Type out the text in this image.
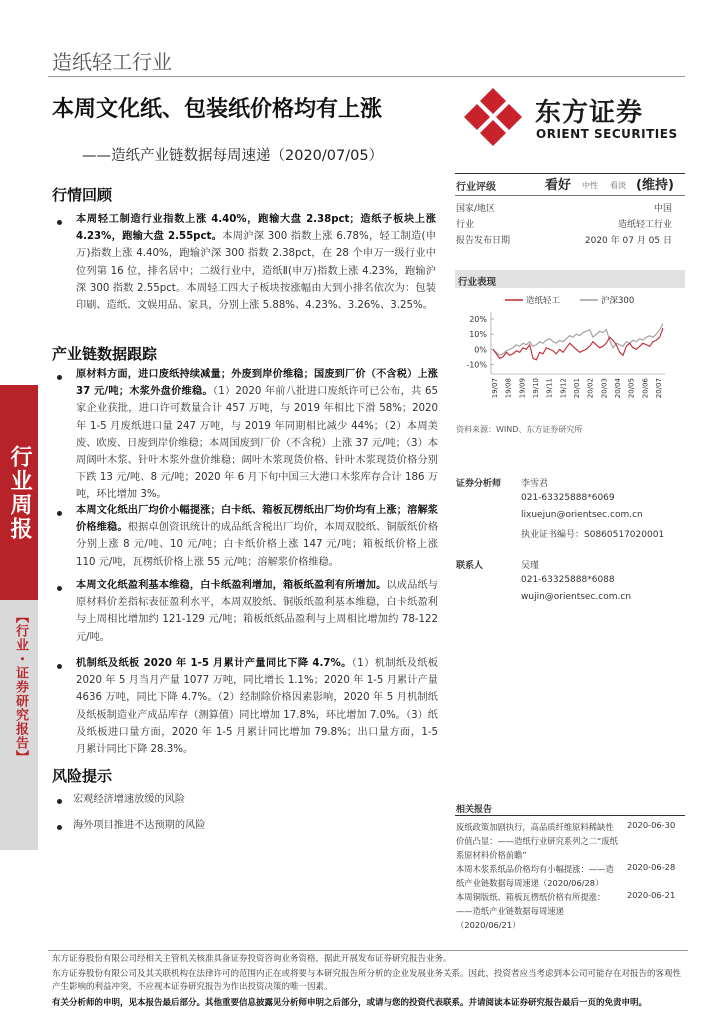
行业周报
【行业・证券研究报告】
造纸轻工行业
本周文化纸、包装纸价格均有上涨
——造纸产业链数据每周速递（2020/07/05）
东方证券
ORIENT SECURITIES
行情回顾
本周轻工制造行业指数上涨 4.40%，跑输大盘 2.38pct；造纸子板块上涨 4.23%，跑输大盘 2.55pct。本周沪深 300 指数上涨 6.78%，轻工制造(申万)指数上涨 4.40%，跑输沪深 300 指数 2.38pct，在 28 个申万一级行业中位列第 16 位，排名居中；二级行业中，造纸Ⅱ(申万)指数上涨 4.23%，跑输沪深 300 指数 2.55pct。本周轻工四大子板块按涨幅由大到小排名依次为：包装印刷、造纸、文娱用品、家具，分别上涨 5.88%、4.23%、3.26%、3.25%。
产业链数据跟踪
原材料方面，进口废纸持续减量；外废到岸价维稳；国废到厂价（不含税）上涨 37 元/吨；木浆外盘价维稳。（1）2020 年前八批进口废纸许可已公布，共 65 家企业获批，进口许可数量合计 457 万吨，与 2019 年相比下滑 58%；2020 年 1-5 月废纸进口量 247 万吨，与 2019 年同期相比减少 44%；（2）本周美废、欧废、日废到岸价维稳；本周国废到厂价（不含税）上涨 37 元/吨；（3）本周阔叶木浆、针叶木浆外盘价维稳；阔叶木浆现货价格、针叶木浆现货价格分别下跌 13 元/吨、8 元/吨；2020 年 6 月下旬中国三大港口木浆库存合计 186 万吨，环比增加 3%。
本周文化纸出厂均价小幅提涨；白卡纸、箱板瓦楞纸出厂均价均有上涨；溶解浆价格维稳。根据卓创资讯统计的成品纸含税出厂均价，本周双胶纸、铜版纸价格分别上涨 8 元/吨、10 元/吨；白卡纸价格上涨 147 元/吨；箱板纸价格上涨 110 元/吨，瓦楞纸价格上涨 55 元/吨；溶解浆价格维稳。
本周文化纸盈利基本维稳，白卡纸盈利增加，箱板纸盈利有所增加。以成品纸与原材料价差指标表征盈利水平，本周双胶纸、铜版纸盈利基本维稳，白卡纸盈利与上周相比增加约 121-129 元/吨；箱板纸纸品盈利与上周相比增加约 78-122 元/吨。
机制纸及纸板 2020 年 1-5 月累计产量同比下降 4.7%。（1）机制纸及纸板 2020 年 5 月当月产量 1077 万吨，同比增长 1.1%；2020 年 1-5 月累计产量 4636 万吨，同比下降 4.7%。（2）经制除价格因素影响，2020 年 5 月机制纸及纸板制造业产成品库存（测算值）同比增加 17.8%，环比增加 7.0%。（3）纸及纸板进口量方面，2020 年 1-5 月累计同比增加 79.8%；出口量方面，1-5 月累计同比下降 28.3%。
风险提示
宏观经济增速放缓的风险
海外项目推进不达预期的风险
行业评级	看好 中性 看淡 (维持)
国家/地区	中国
行业	造纸轻工行业
报告发布日期	2020 年 07 月 05 日
行业表现
造纸轻工	沪深300
20%
10%
0%
-10%
19/07 19/08 19/09 19/10 19/11 19/12 20/01 20/02 20/03 20/04 20/05 20/06 20/07
资料来源：WIND、东方证券研究所
证券分析师 李雪君
021-63325888*6069
lixuejun@orientsec.com.cn
执业证书编号：S0860517020001
联系人	吴瑾
021-63325888*6088
wujin@orientsec.com.cn
相关报告
废纸政策加剧执行，高品质纤维原料稀缺性价值凸显：——造纸行业研究系列之二“废纸系原材料价格前瞻”
2020-06-30
本周木浆系纸品价格均有小幅提涨：——造纸产业链数据每周速递（2020/06/28）
2020-06-28
本周铜版纸、箱板瓦楞纸价格有所提涨：——造纸产业链数据每周速递（2020/06/21）
2020-06-21
东方证券股份有限公司经相关主管机关核准具备证券投资咨询业务资格，据此开展发布证券研究报告业务。
东方证券股份有限公司及其关联机构在法律许可的范围内正在或将要与本研究报告所分析的企业发展业务关系。因此，投资者应当考虑到本公司可能存在对报告的客观性产生影响的利益冲突，不应视本证券研究报告为作出投资决策的唯一因素。
有关分析师的申明，见本报告最后部分。其他重要信息披露见分析师申明之后部分，或请与您的投资代表联系。并请阅读本证券研究报告最后一页的免责申明。
